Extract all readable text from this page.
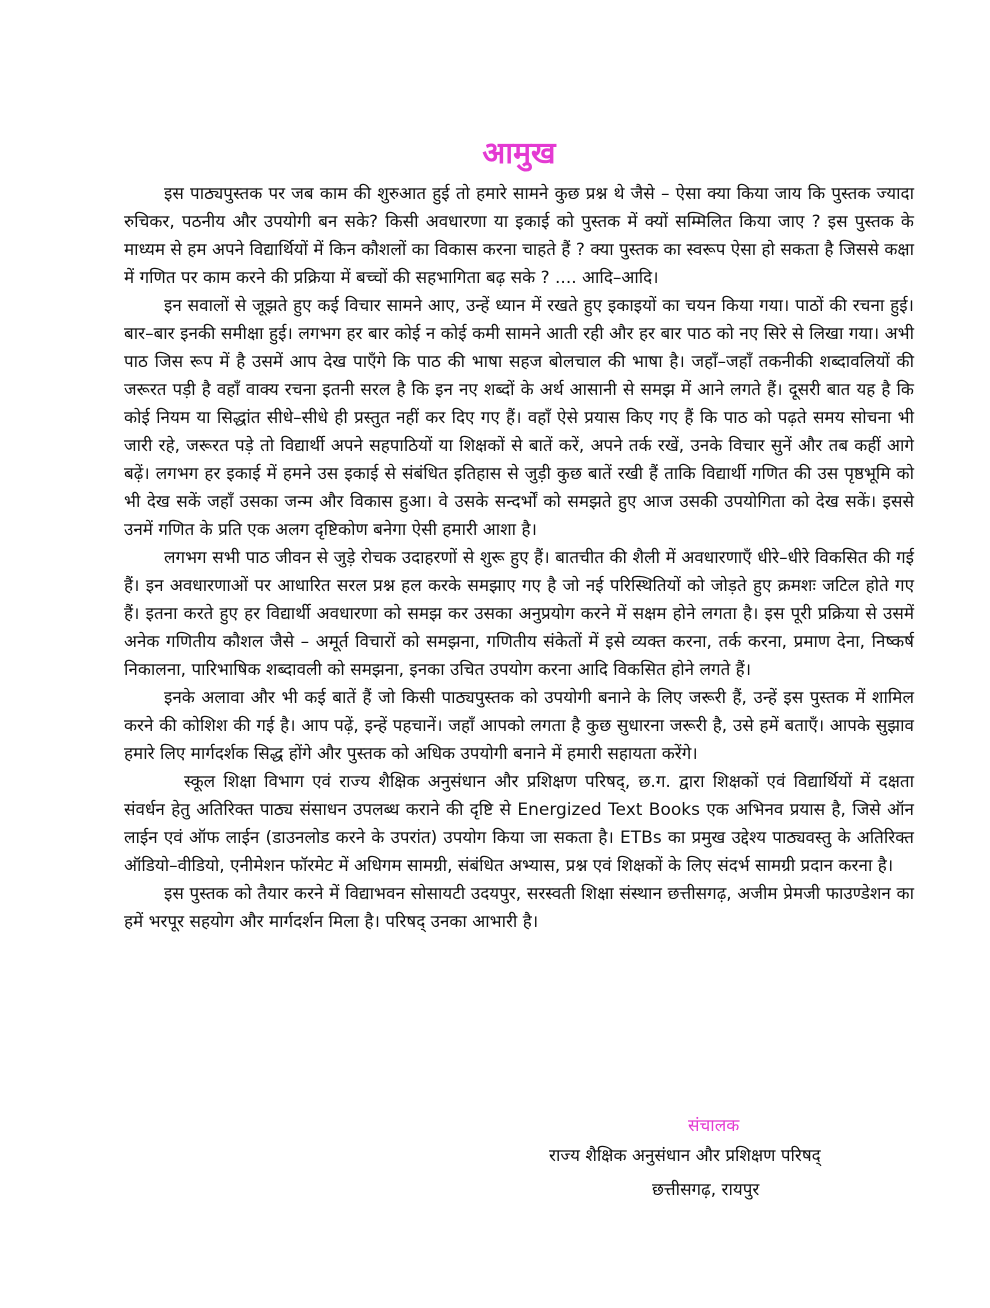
आमुख

इस पाठ्यपुस्तक पर जब काम की शुरुआत हुई तो हमारे सामने कुछ प्रश्न थे जैसे – ऐसा क्या किया जाय कि पुस्तक ज्यादा रुचिकर, पठनीय और उपयोगी बन सके? किसी अवधारणा या इकाई को पुस्तक में क्यों सम्मिलित किया जाए ? इस पुस्तक के माध्यम से हम अपने विद्यार्थियों में किन कौशलों का विकास करना चाहते हैं ? क्या पुस्तक का स्वरूप ऐसा हो सकता है जिससे कक्षा में गणित पर काम करने की प्रक्रिया में बच्चों की सहभागिता बढ़ सके ? .... आदि–आदि।

इन सवालों से जूझते हुए कई विचार सामने आए, उन्हें ध्यान में रखते हुए इकाइयों का चयन किया गया। पाठों की रचना हुई। बार–बार इनकी समीक्षा हुई। लगभग हर बार कोई न कोई कमी सामने आती रही और हर बार पाठ को नए सिरे से लिखा गया। अभी पाठ जिस रूप में है उसमें आप देख पाएँगे कि पाठ की भाषा सहज बोलचाल की भाषा है। जहाँ–जहाँ तकनीकी शब्दावलियों की जरूरत पड़ी है वहाँ वाक्य रचना इतनी सरल है कि इन नए शब्दों के अर्थ आसानी से समझ में आने लगते हैं। दूसरी बात यह है कि कोई नियम या सिद्धांत सीधे–सीधे ही प्रस्तुत नहीं कर दिए गए हैं। वहाँ ऐसे प्रयास किए गए हैं कि पाठ को पढ़ते समय सोचना भी जारी रहे, जरूरत पड़े तो विद्यार्थी अपने सहपाठियों या शिक्षकों से बातें करें, अपने तर्क रखें, उनके विचार सुनें और तब कहीं आगे बढ़ें। लगभग हर इकाई में हमने उस इकाई से संबंधित इतिहास से जुड़ी कुछ बातें रखी हैं ताकि विद्यार्थी गणित की उस पृष्ठभूमि को भी देख सकें जहाँ उसका जन्म और विकास हुआ। वे उसके सन्दर्भों को समझते हुए आज उसकी उपयोगिता को देख सकें। इससे उनमें गणित के प्रति एक अलग दृष्टिकोण बनेगा ऐसी हमारी आशा है।

लगभग सभी पाठ जीवन से जुड़े रोचक उदाहरणों से शुरू हुए हैं। बातचीत की शैली में अवधारणाएँ धीरे–धीरे विकसित की गई हैं। इन अवधारणाओं पर आधारित सरल प्रश्न हल करके समझाए गए है जो नई परिस्थितियों को जोड़ते हुए क्रमशः जटिल होते गए हैं। इतना करते हुए हर विद्यार्थी अवधारणा को समझ कर उसका अनुप्रयोग करने में सक्षम होने लगता है। इस पूरी प्रक्रिया से उसमें अनेक गणितीय कौशल जैसे – अमूर्त विचारों को समझना, गणितीय संकेतों में इसे व्यक्त करना, तर्क करना, प्रमाण देना, निष्कर्ष निकालना, पारिभाषिक शब्दावली को समझना, इनका उचित उपयोग करना आदि विकसित होने लगते हैं।

इनके अलावा और भी कई बातें हैं जो किसी पाठ्यपुस्तक को उपयोगी बनाने के लिए जरूरी हैं, उन्हें इस पुस्तक में शामिल करने की कोशिश की गई है। आप पढ़ें, इन्हें पहचानें। जहाँ आपको लगता है कुछ सुधारना जरूरी है, उसे हमें बताएँ। आपके सुझाव हमारे लिए मार्गदर्शक सिद्ध होंगे और पुस्तक को अधिक उपयोगी बनाने में हमारी सहायता करेंगे।

स्कूल शिक्षा विभाग एवं राज्य शैक्षिक अनुसंधान और प्रशिक्षण परिषद्, छ.ग. द्वारा शिक्षकों एवं विद्यार्थियों में दक्षता संवर्धन हेतु अतिरिक्त पाठ्य संसाधन उपलब्ध कराने की दृष्टि से Energized Text Books एक अभिनव प्रयास है, जिसे ऑन लाईन एवं ऑफ लाईन (डाउनलोड करने के उपरांत) उपयोग किया जा सकता है। ETBs का प्रमुख उद्देश्य पाठ्यवस्तु के अतिरिक्त ऑडियो–वीडियो, एनीमेशन फॉरमेट में अधिगम सामग्री, संबंधित अभ्यास, प्रश्न एवं शिक्षकों के लिए संदर्भ सामग्री प्रदान करना है।

इस पुस्तक को तैयार करने में विद्याभवन सोसायटी उदयपुर, सरस्वती शिक्षा संस्थान छत्तीसगढ़, अजीम प्रेमजी फाउण्डेशन का हमें भरपूर सहयोग और मार्गदर्शन मिला है। परिषद् उनका आभारी है।

संचालक
राज्य शैक्षिक अनुसंधान और प्रशिक्षण परिषद्
छत्तीसगढ़, रायपुर
